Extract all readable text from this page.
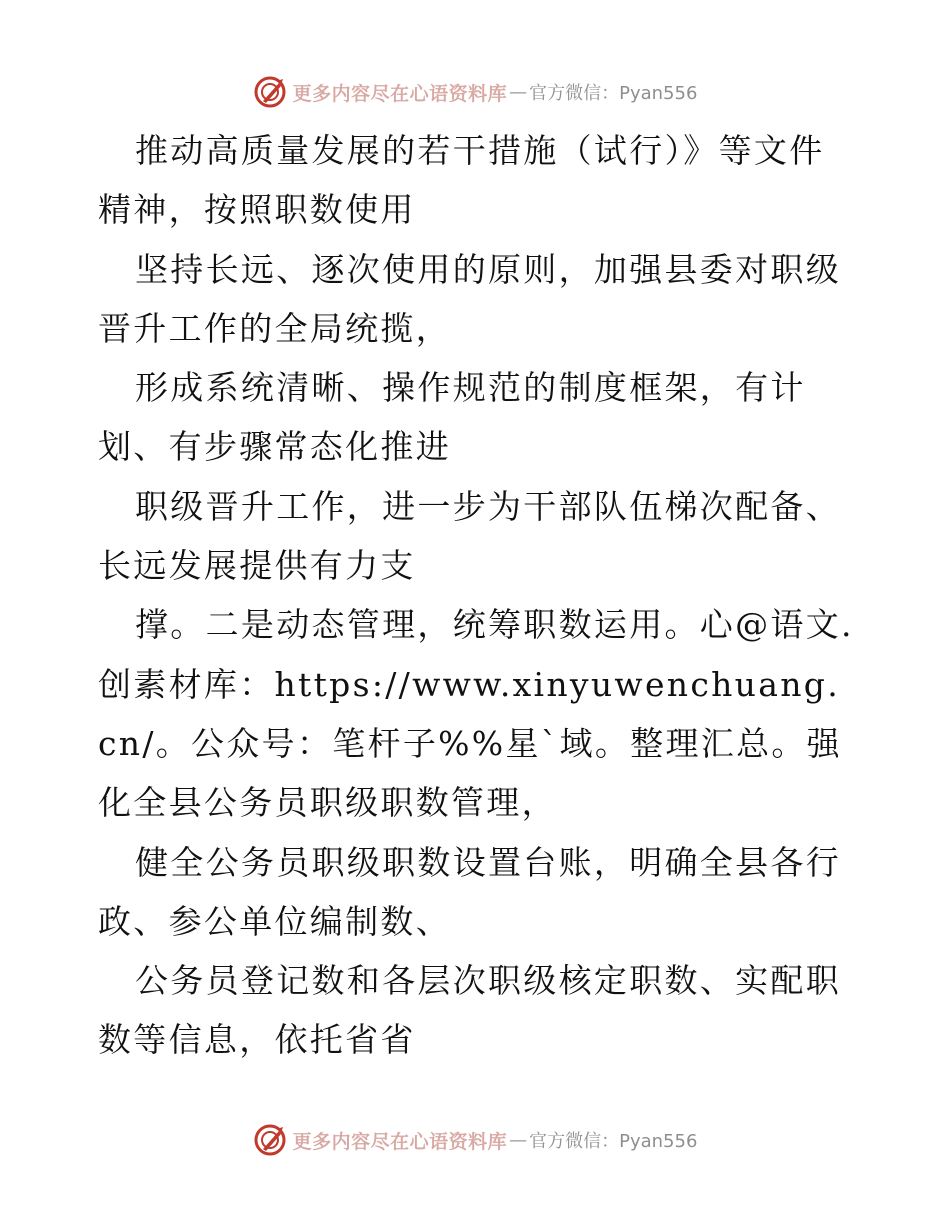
更多内容尽在心语资料库 — 官方微信：Pyan556

推动高质量发展的若干措施（试行）》等文件精神，按照职数使用

坚持长远、逐次使用的原则，加强县委对职级晋升工作的全局统揽，

形成系统清晰、操作规范的制度框架，有计划、有步骤常态化推进

职级晋升工作，进一步为干部队伍梯次配备、长远发展提供有力支

撑。二是动态管理，统筹职数运用。心@语文.创素材库：https://www.xinyuwenchuang.cn/。公众号：笔杆子%%星`域。整理汇总。强化全县公务员职级职数管理，

健全公务员职级职数设置台账，明确全县各行政、参公单位编制数、

公务员登记数和各层次职级核定职数、实配职数等信息，依托省省

更多内容尽在心语资料库 — 官方微信：Pyan556
